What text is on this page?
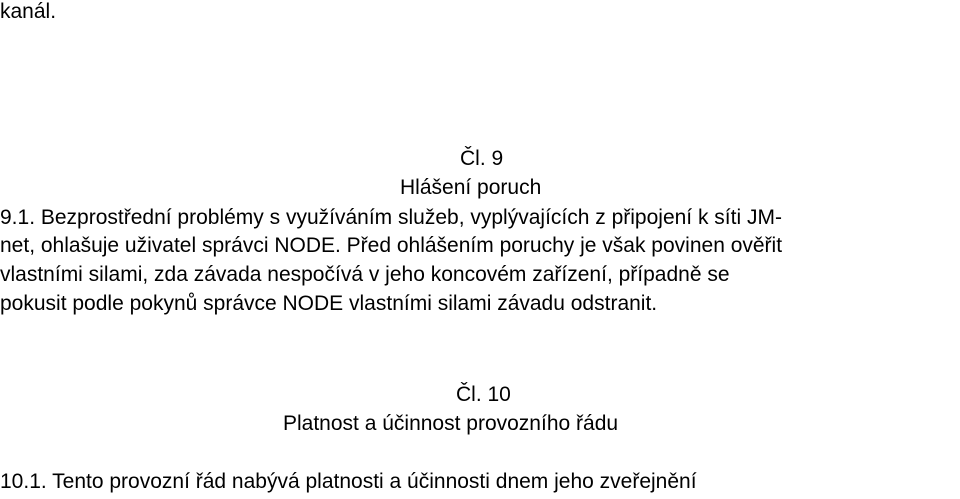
kanál.
Čl. 9
Hlášení poruch
9.1. Bezprostřední problémy s využíváním služeb, vyplývajících z připojení k síti JM-
net, ohlašuje uživatel správci NODE. Před ohlášením poruchy je však povinen ověřit
vlastními silami, zda závada nespočívá v jeho koncovém zařízení, případně se
pokusit podle pokynů správce NODE vlastními silami závadu odstranit.
Čl. 10
Platnost a účinnost provozního řádu
10.1. Tento provozní řád nabývá platnosti a účinnosti dnem jeho zveřejnění
